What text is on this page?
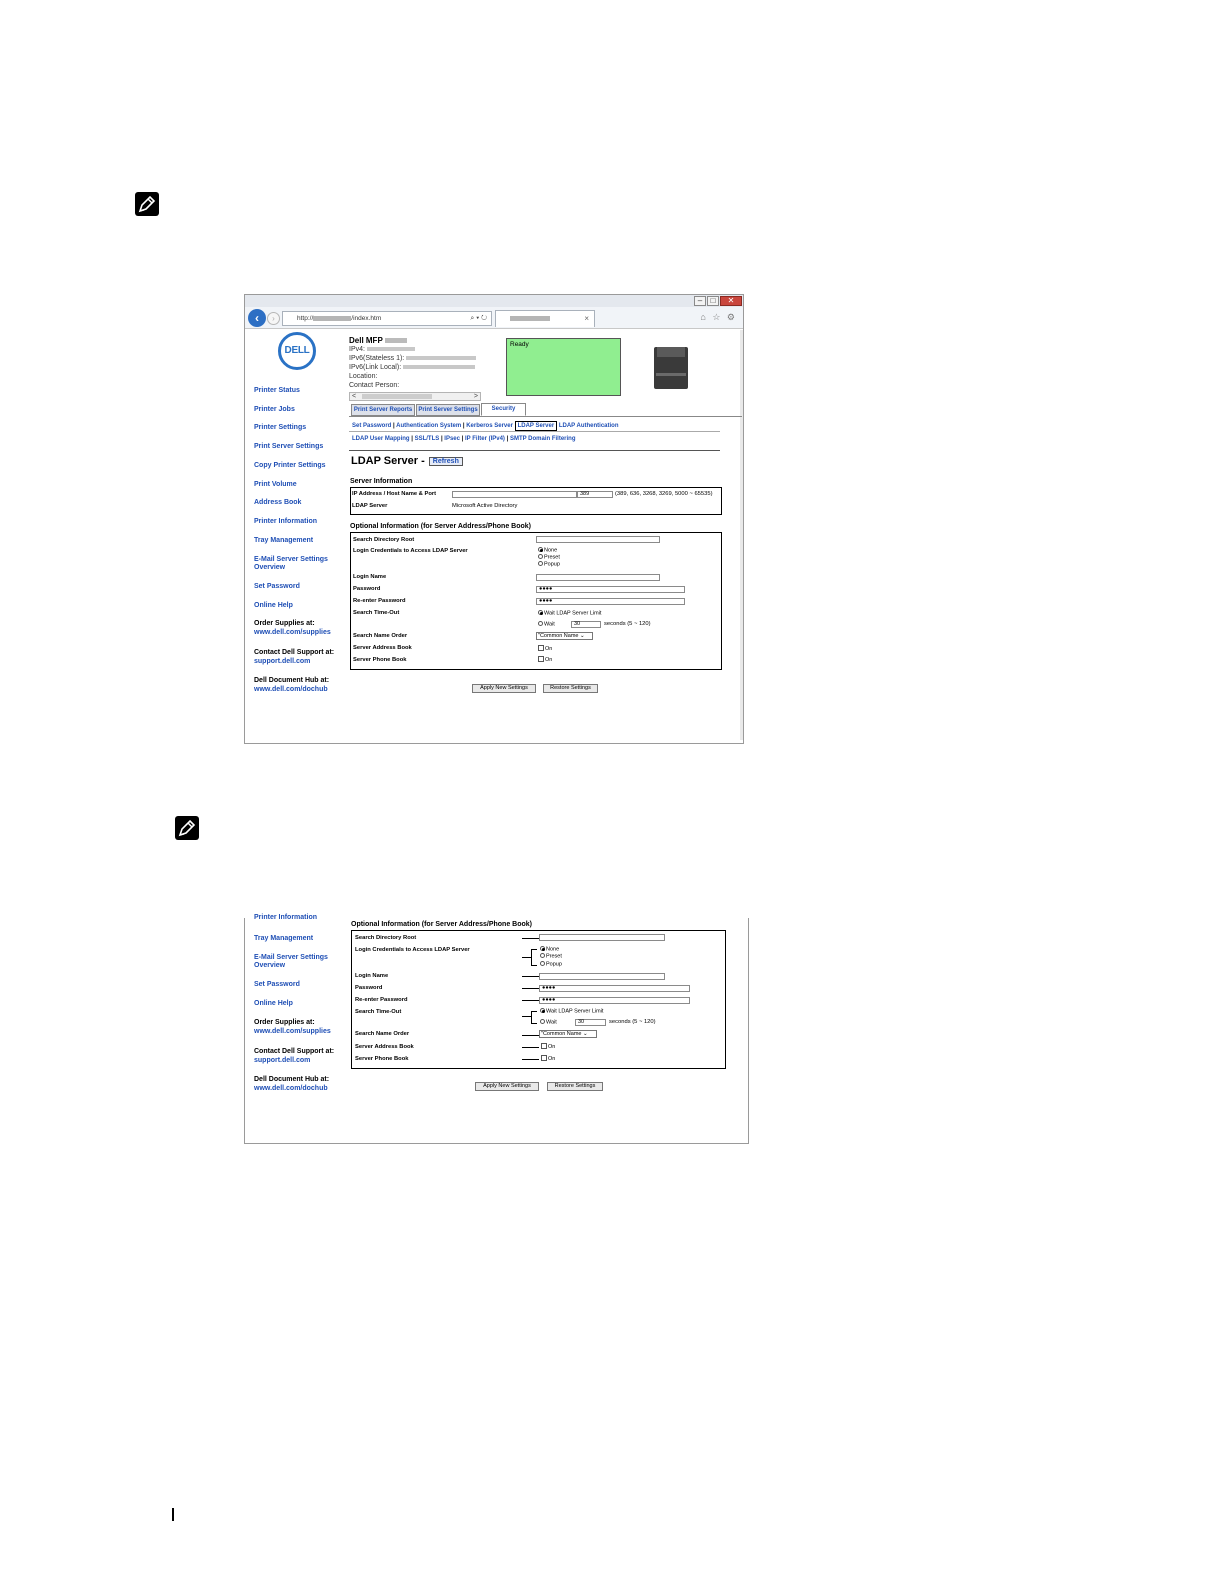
–	□	✕
‹	›	http://	/index.htm	⌕ ▾ ↻	×	⌂ ☆ ⚙
DELL
Printer Status
Printer Jobs
Printer Settings
Print Server Settings
Copy Printer Settings
Print Volume
Address Book
Printer Information
Tray Management
E-Mail Server Settings
Overview
Set Password
Online Help
Order Supplies at:
www.dell.com/supplies
Contact Dell Support at:
support.dell.com
Dell Document Hub at:
www.dell.com/dochub
Dell MFP
IPv4:
IPv6(Stateless 1):
IPv6(Link Local):
Location:
Contact Person:
<	>
Ready
Print Server Reports	Print Server Settings	Security
Set Password | Authentication System | Kerberos Server LDAP Server LDAP Authentication
LDAP User Mapping | SSL/TLS | IPsec | IP Filter (IPv4) | SMTP Domain Filtering
LDAP Server - Refresh
Server Information
IP Address / Host Name & Port	389	(389, 636, 3268, 3269, 5000 ~ 65535)
LDAP Server	Microsoft Active Directory
Optional Information (for Server Address/Phone Book)
Search Directory Root
Login Credentials to Access LDAP Server	None
Preset
Popup
Login Name
Password	●●●●
Re-enter Password	●●●●
Search Time-Out	Wait LDAP Server Limit
Wait	30	seconds (5 ~ 120)
Search Name Order	"Common Name ⌄
Server Address Book	On
Server Phone Book	On
Apply New Settings	Restore Settings
Printer Information
Tray Management
E-Mail Server Settings
Overview
Set Password
Online Help
Order Supplies at:
www.dell.com/supplies
Contact Dell Support at:
support.dell.com
Dell Document Hub at:
www.dell.com/dochub
Optional Information (for Server Address/Phone Book)
Search Directory Root
Login Credentials to Access LDAP Server	None
Preset
Popup
Login Name
Password	●●●●
Re-enter Password	●●●●
Search Time-Out	Wait LDAP Server Limit
Wait	30	seconds (5 ~ 120)
Search Name Order	"Common Name ⌄
Server Address Book	On
Server Phone Book	On
Apply New Settings	Restore Settings
